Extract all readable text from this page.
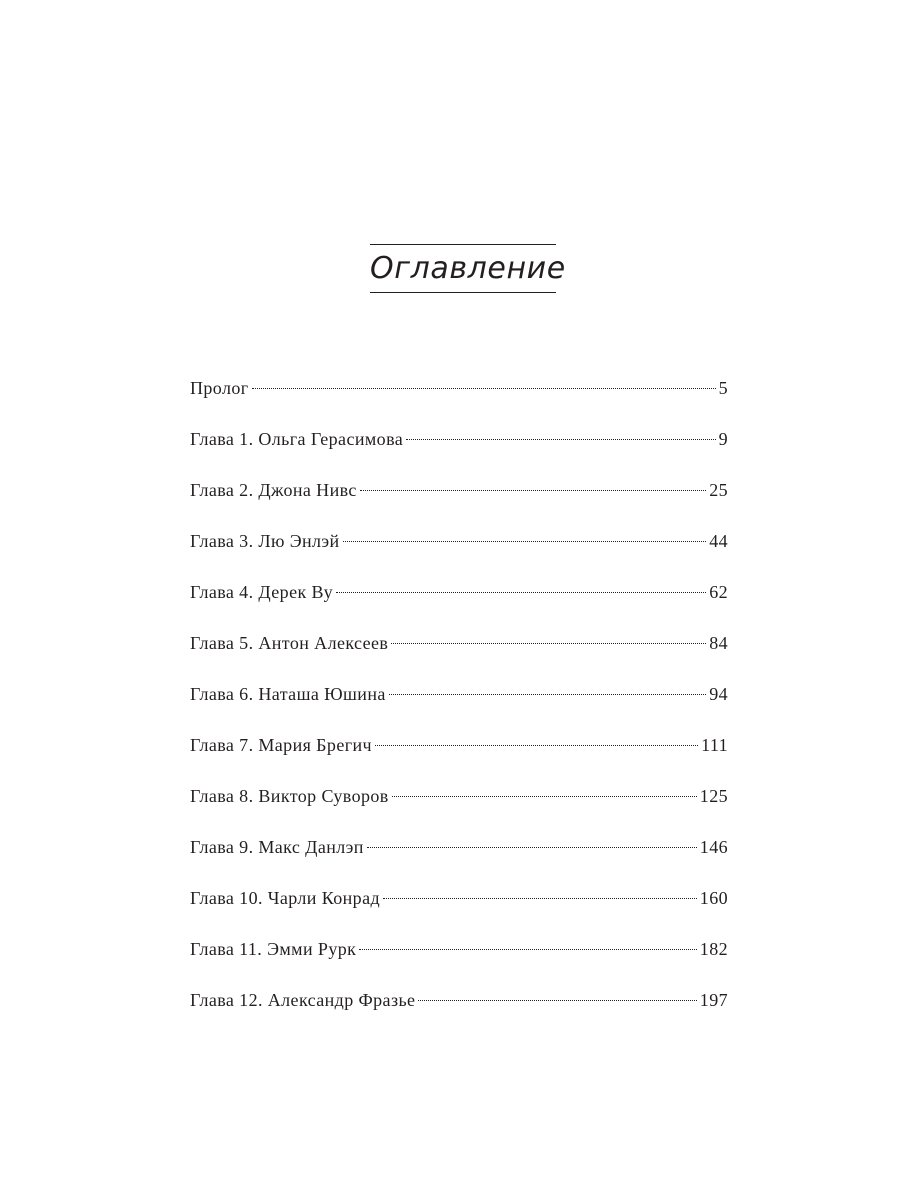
Оглавление
Пролог	5
Глава 1. Ольга Герасимова	9
Глава 2. Джона Нивс	25
Глава 3. Лю Энлэй	44
Глава 4. Дерек Ву	62
Глава 5. Антон Алексеев	84
Глава 6. Наташа Юшина	94
Глава 7. Мария Брегич	111
Глава 8. Виктор Суворов	125
Глава 9. Макс Данлэп	146
Глава 10. Чарли Конрад	160
Глава 11. Эмми Рурк	182
Глава 12. Александр Фразье	197
